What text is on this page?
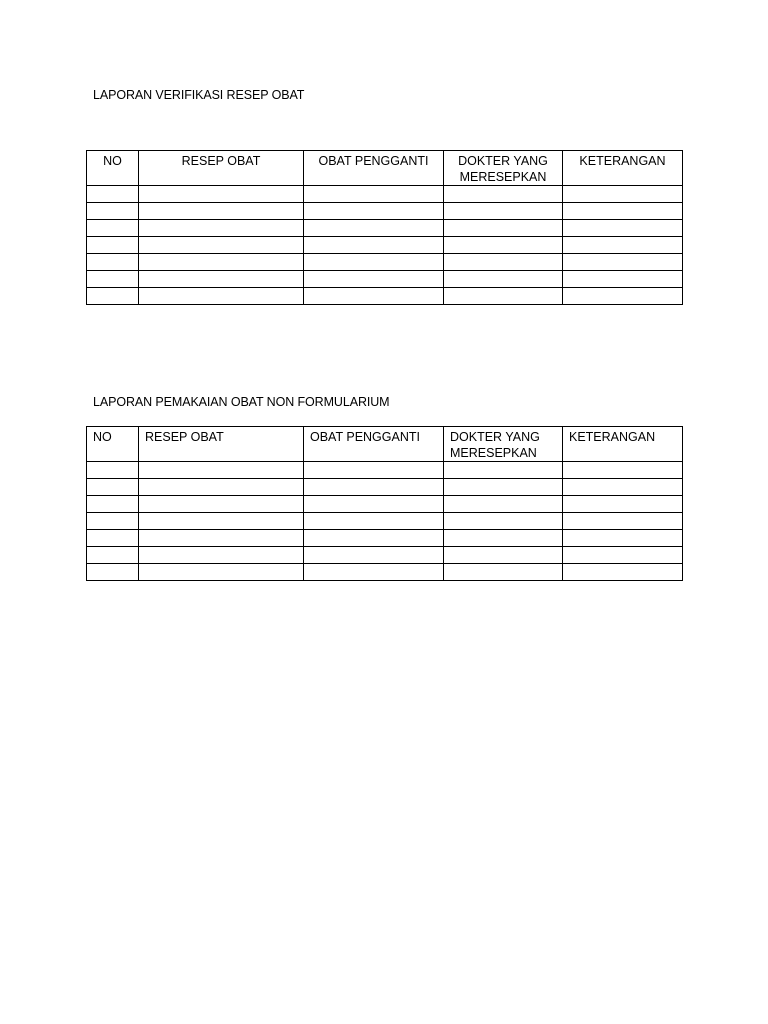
LAPORAN VERIFIKASI RESEP OBAT
NO	RESEP OBAT	OBAT PENGGANTI	DOKTER YANG MERESEPKAN	KETERANGAN

LAPORAN PEMAKAIAN OBAT NON FORMULARIUM
NO	RESEP OBAT	OBAT PENGGANTI	DOKTER YANG MERESEPKAN	KETERANGAN
